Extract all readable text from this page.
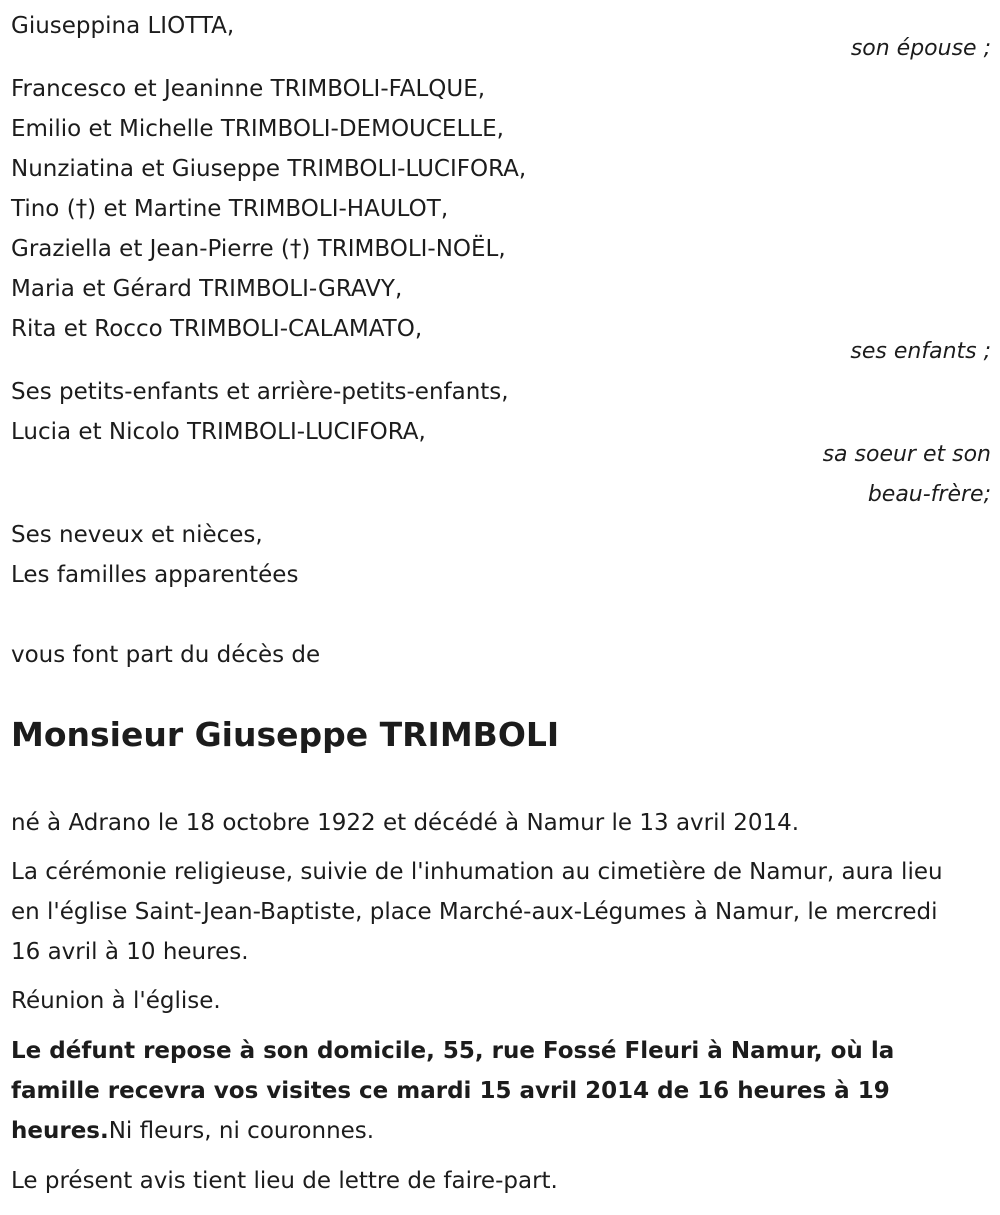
Giuseppina LIOTTA,
son épouse ;
Francesco et Jeaninne TRIMBOLI-FALQUE,
Emilio et Michelle TRIMBOLI-DEMOUCELLE,
Nunziatina et Giuseppe TRIMBOLI-LUCIFORA,
Tino (†) et Martine TRIMBOLI-HAULOT,
Graziella et Jean-Pierre (†) TRIMBOLI-NOËL,
Maria et Gérard TRIMBOLI-GRAVY,
Rita et Rocco TRIMBOLI-CALAMATO,
ses enfants ;
Ses petits-enfants et arrière-petits-enfants,
Lucia et Nicolo TRIMBOLI-LUCIFORA,
sa soeur et son
beau-frère;
Ses neveux et nièces,
Les familles apparentées
vous font part du décès de
Monsieur Giuseppe TRIMBOLI
né à Adrano le 18 octobre 1922 et décédé à Namur le 13 avril 2014.
La cérémonie religieuse, suivie de l'inhumation au cimetière de Namur, aura lieu en l'église Saint-Jean-Baptiste, place Marché-aux-Légumes à Namur, le mercredi 16 avril à 10 heures.
Réunion à l'église.
Le défunt repose à son domicile, 55, rue Fossé Fleuri à Namur, où la famille recevra vos visites ce mardi 15 avril 2014 de 16 heures à 19 heures.Ni fleurs, ni couronnes.
Le présent avis tient lieu de lettre de faire-part.
